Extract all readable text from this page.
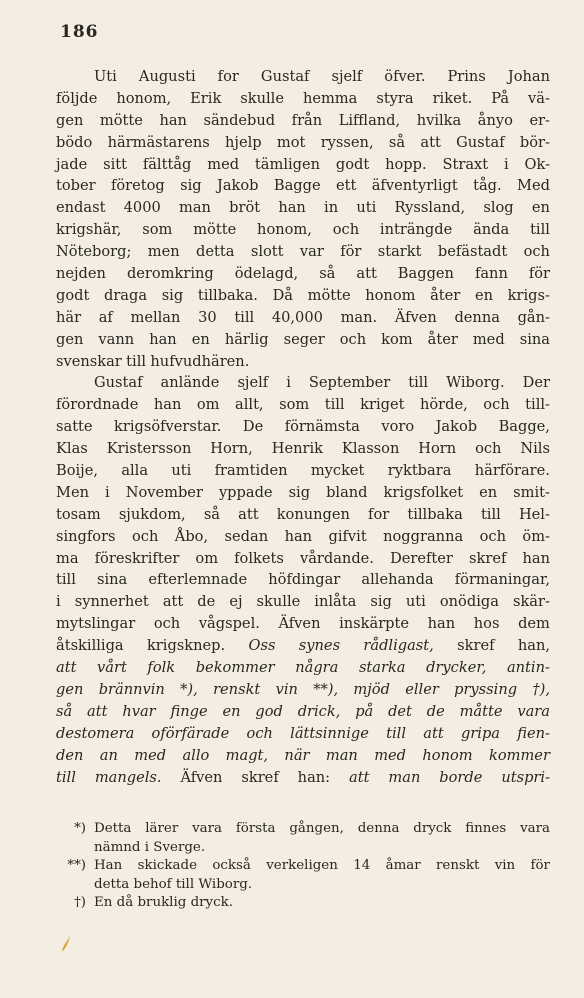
186
Uti Augusti for Gustaf sjelf öfver. Prins Johan
följde honom, Erik skulle hemma styra riket. På vä-
gen mötte han sändebud från Liffland, hvilka ånyo er-
bödo härmästarens hjelp mot ryssen, så att Gustaf bör-
jade sitt fälttåg med tämligen godt hopp. Straxt i Ok-
tober företog sig Jakob Bagge ett äfventyrligt tåg. Med
endast 4000 man bröt han in uti Ryssland, slog en
krigshär, som mötte honom, och inträngde ända till
Nöteborg; men detta slott var för starkt befästadt och
nejden deromkring ödelagd, så att Baggen fann för
godt draga sig tillbaka. Då mötte honom åter en krigs-
här af mellan 30 till 40,000 man. Äfven denna gån-
gen vann han en härlig seger och kom åter med sina
svenskar till hufvudhären.
Gustaf anlände sjelf i September till Wiborg. Der
förordnade han om allt, som till kriget hörde, och till-
satte krigsöfverstar. De förnämsta voro Jakob Bagge,
Klas Kristersson Horn, Henrik Klasson Horn och Nils
Boije, alla uti framtiden mycket ryktbara härförare.
Men i November yppade sig bland krigsfolket en smit-
tosam sjukdom, så att konungen for tillbaka till Hel-
singfors och Åbo, sedan han gifvit noggranna och öm-
ma föreskrifter om folkets vårdande. Derefter skref han
till sina efterlemnade höfdingar allehanda förmaningar,
i synnerhet att de ej skulle inlåta sig uti onödiga skär-
mytslingar och vågspel. Äfven inskärpte han hos dem
åtskilliga krigsknep. Oss synes rådligast, skref han,
att vårt folk bekommer några starka drycker, antin-
gen brännvin *), renskt vin **), mjöd eller pryssing †),
så att hvar finge en god drick, på det de måtte vara
destomera oförfärade och lättsinnige till att gripa fien-
den an med allo magt, när man med honom kommer
till mangels. Äfven skref han: att man borde utspri-
*) Detta lärer vara första gången, denna dryck finnes vara
nämnd i Sverge.
**) Han skickade också verkeligen 14 åmar renskt vin för
detta behof till Wiborg.
†) En då bruklig dryck.
